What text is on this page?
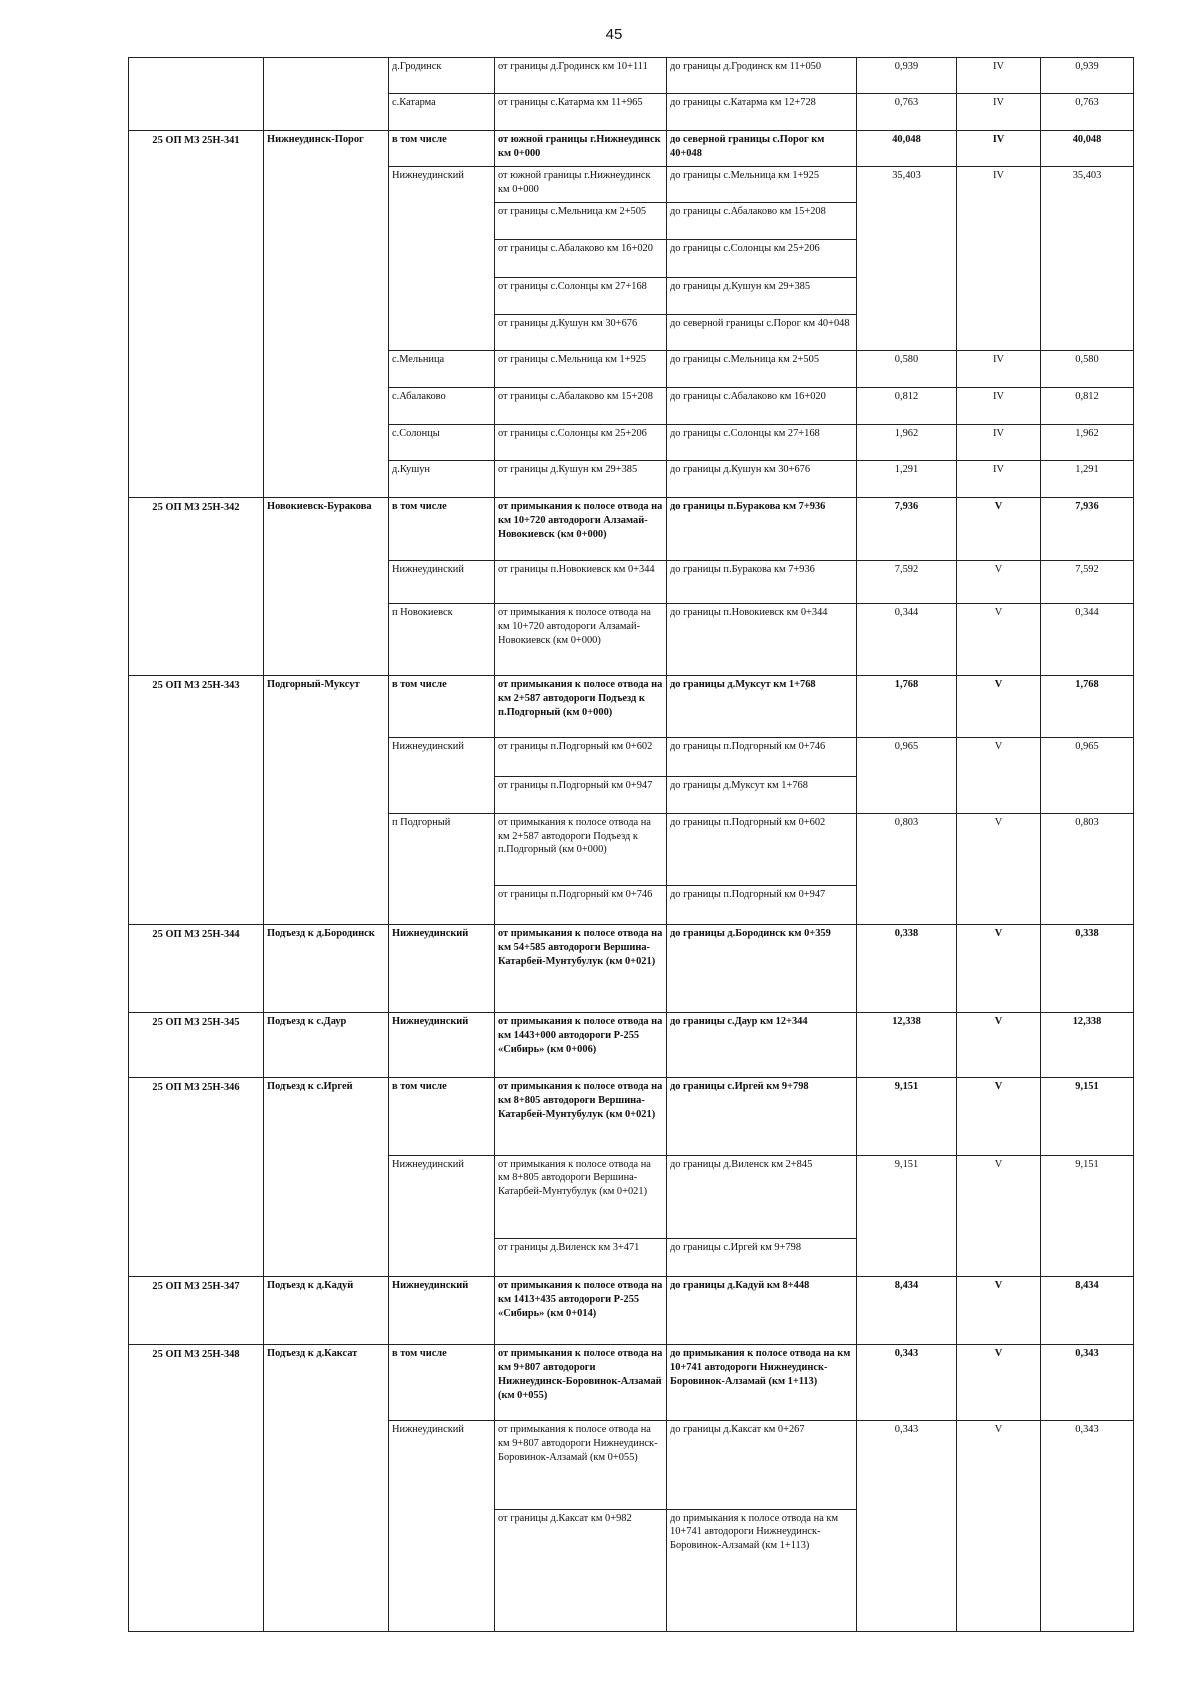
45
		д.Гродинск	от границы д.Гродинск км 10+111	до границы д.Гродинск км 11+050	0,939	IV	0,939
		с.Катарма	от границы с.Катарма км 11+965	до границы с.Катарма км 12+728	0,763	IV	0,763
25 ОП МЗ 25Н-341	Нижнеудинск-Порог	в том числе	от южной границы г.Нижнеудинск км 0+000	до северной границы с.Порог км 40+048	40,048	IV	40,048
		Нижнеудинский	от южной границы г.Нижнеудинск км 0+000	до границы с.Мельница км 1+925	35,403	IV	35,403
			от границы с.Мельница км 2+505	до границы с.Абалаково км 15+208			
			от границы с.Абалаково км 16+020	до границы с.Солонцы км 25+206			
			от границы с.Солонцы км 27+168	до границы д.Кушун км 29+385			
			от границы д.Кушун км 30+676	до северной границы с.Порог км 40+048			
		с.Мельница	от границы с.Мельница км 1+925	до границы с.Мельница км 2+505	0,580	IV	0,580
		с.Абалаково	от границы с.Абалаково км 15+208	до границы с.Абалаково км 16+020	0,812	IV	0,812
		с.Солонцы	от границы с.Солонцы км 25+206	до границы с.Солонцы км 27+168	1,962	IV	1,962
		д.Кушун	от границы д.Кушун км 29+385	до границы д.Кушун км 30+676	1,291	IV	1,291
25 ОП МЗ 25Н-342	Новокиевск-Буракова	в том числе	от примыкания к полосе отвода на км 10+720 автодороги Алзамай-Новокиевск (км 0+000)	до границы п.Буракова км 7+936	7,936	V	7,936
		Нижнеудинский	от границы п.Новокиевск км 0+344	до границы п.Буракова км 7+936	7,592	V	7,592
		п Новокиевск	от примыкания к полосе отвода на км 10+720 автодороги Алзамай-Новокиевск (км 0+000)	до границы п.Новокиевск км 0+344	0,344	V	0,344
25 ОП МЗ 25Н-343	Подгорный-Муксут	в том числе	от примыкания к полосе отвода на км 2+587 автодороги Подъезд к п.Подгорный (км 0+000)	до границы д.Муксут км 1+768	1,768	V	1,768
		Нижнеудинский	от границы п.Подгорный км 0+602	до границы п.Подгорный км 0+746	0,965	V	0,965
			от границы п.Подгорный км 0+947	до границы д.Муксут км 1+768			
		п Подгорный	от примыкания к полосе отвода на км 2+587 автодороги Подъезд к п.Подгорный (км 0+000)	до границы п.Подгорный км 0+602	0,803	V	0,803
			от границы п.Подгорный км 0+746	до границы п.Подгорный км 0+947			
25 ОП МЗ 25Н-344	Подъезд к д.Бородинск	Нижнеудинский	от примыкания к полосе отвода на км 54+585 автодороги Вершина-Катарбей-Мунтубулук (км 0+021)	до границы д.Бородинск км 0+359	0,338	V	0,338
25 ОП МЗ 25Н-345	Подъезд к с.Даур	Нижнеудинский	от примыкания к полосе отвода на км 1443+000 автодороги Р-255 «Сибирь» (км 0+006)	до границы с.Даур км 12+344	12,338	V	12,338
25 ОП МЗ 25Н-346	Подъезд к с.Иргей	в том числе	от примыкания к полосе отвода на км 8+805 автодороги Вершина-Катарбей-Мунтубулук (км 0+021)	до границы с.Иргей км 9+798	9,151	V	9,151
		Нижнеудинский	от примыкания к полосе отвода на км 8+805 автодороги Вершина-Катарбей-Мунтубулук (км 0+021)	до границы д.Виленск км 2+845	9,151	V	9,151
			от границы д.Виленск км 3+471	до границы с.Иргей км 9+798			
25 ОП МЗ 25Н-347	Подъезд к д.Кадуй	Нижнеудинский	от примыкания к полосе отвода на км 1413+435 автодороги Р-255 «Сибирь» (км 0+014)	до границы д.Кадуй км 8+448	8,434	V	8,434
25 ОП МЗ 25Н-348	Подъезд к д.Каксат	в том числе	от примыкания к полосе отвода на км 9+807 автодороги Нижнеудинск-Боровинок-Алзамай (км 0+055)	до примыкания к полосе отвода на км 10+741 автодороги Нижнеудинск-Боровинок-Алзамай (км 1+113)	0,343	V	0,343
		Нижнеудинский	от примыкания к полосе отвода на км 9+807 автодороги Нижнеудинск-Боровинок-Алзамай (км 0+055)	до границы д.Каксат км 0+267	0,343	V	0,343
			от границы д.Каксат км 0+982	до примыкания к полосе отвода на км 10+741 автодороги Нижнеудинск-Боровинок-Алзамай (км 1+113)			
